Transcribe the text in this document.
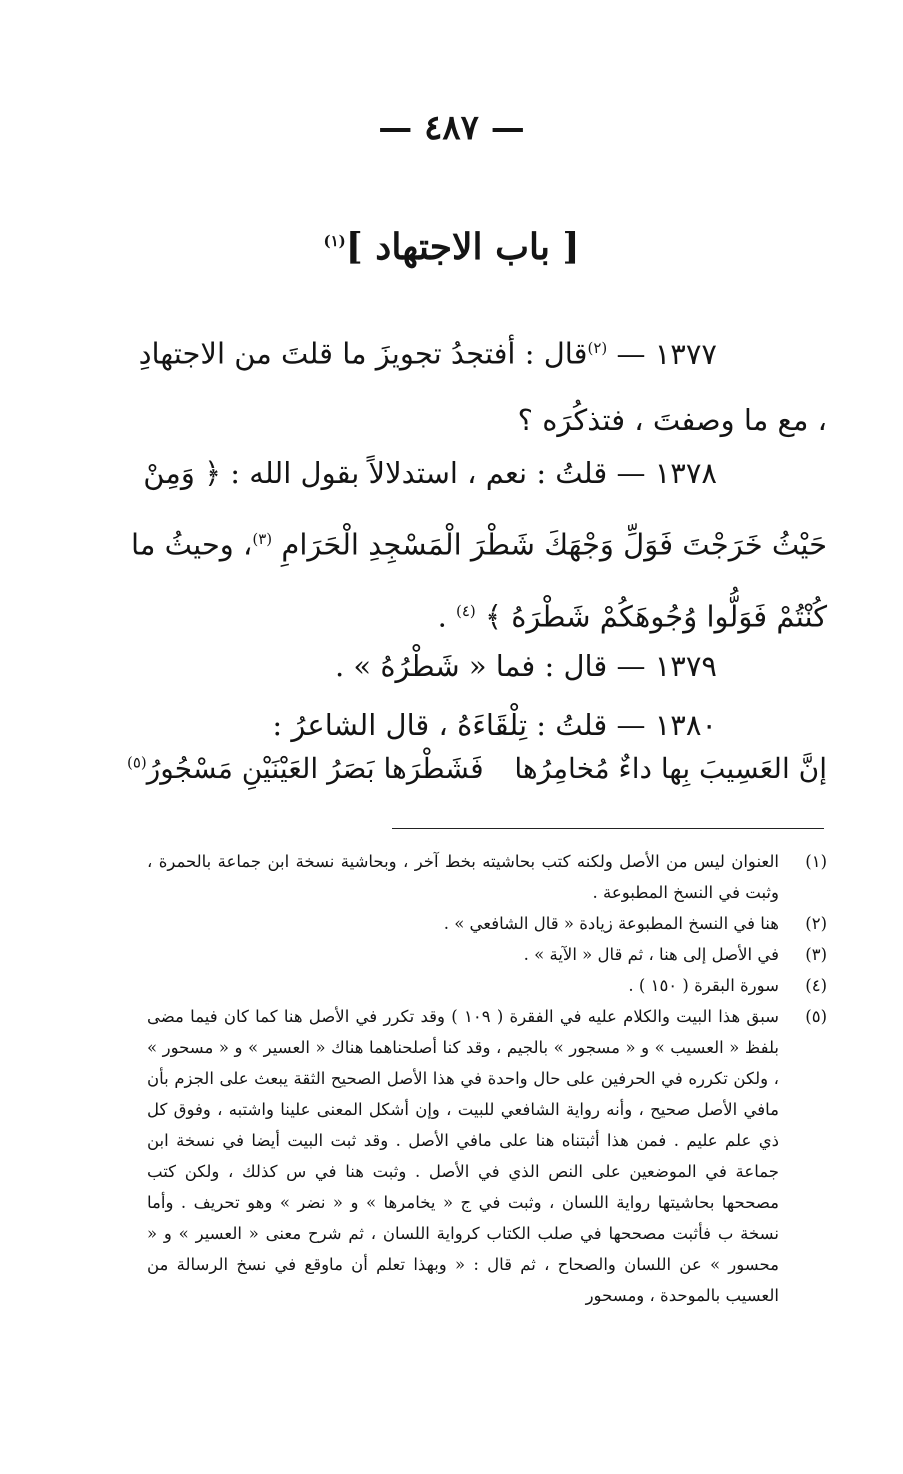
— ٤٨٧ —
[ باب الاجتهاد ]$^{(١)}$
١٣٧٧ — $^{(٢)}$قال : أفتجدُ تجويزَ ما قلتَ من الاجتهادِ ، مع ما وصفتَ ، فتذكُرَه ؟
١٣٧٨ — قلتُ : نعم ، استدلالاً بقول الله : ﴿ وَمِنْ حَيْثُ خَرَجْتَ فَوَلِّ وَجْهَكَ شَطْرَ الْمَسْجِدِ الْحَرَامِ $^{(٣)}$، وحيثُ ما كُنْتُمْ فَوَلُّوا وُجُوهَكُمْ شَطْرَهُ ﴾ $^{(٤)}$ .
١٣٧٩ — قال : فما « شَطْرُهُ » .
١٣٨٠ — قلتُ : تِلْقَاءَهُ ، قال الشاعرُ :
إنَّ العَسِيبَ بِها داءٌ مُخامِرُها
فَشَطْرَها بَصَرُ العَيْنَيْنِ مَسْجُورُ$^{(٥)}$
(١)
العنوان ليس من الأصل ولكنه كتب بحاشيته بخط آخر ، وبحاشية نسخة ابن جماعة بالحمرة ، وثبت في النسخ المطبوعة .
(٢)
هنا في النسخ المطبوعة زيادة « قال الشافعي » .
(٣)
في الأصل إلى هنا ، ثم قال « الآية » .
(٤)
سورة البقرة ( ١٥٠ ) .
(٥)
سبق هذا البيت والكلام عليه في الفقرة ( ١٠٩ ) وقد تكرر في الأصل هنا كما كان فيما مضى بلفظ « العسيب » و « مسجور » بالجيم ، وقد كنا أصلحناهما هناك « العسير » و « مسحور » ، ولكن تكرره في الحرفين على حال واحدة في هذا الأصل الصحيح الثقة يبعث على الجزم بأن مافي الأصل صحيح ، وأنه رواية الشافعي للبيت ، وإن أشكل المعنى علينا واشتبه ، وفوق كل ذي علم عليم . فمن هذا أثبتناه هنا على مافي الأصل . وقد ثبت البيت أيضا في نسخة ابن جماعة في الموضعين على النص الذي في الأصل . وثبت هنا في س كذلك ، ولكن كتب مصححها بحاشيتها رواية اللسان ، وثبت في ج « يخامرها » و « نضر » وهو تحريف . وأما نسخة ب فأثبت مصححها في صلب الكتاب كرواية اللسان ، ثم شرح معنى « العسير » و « محسور » عن اللسان والصحاح ، ثم قال : « وبهذا تعلم أن ماوقع في نسخ الرسالة من العسيب بالموحدة ، ومسحور
